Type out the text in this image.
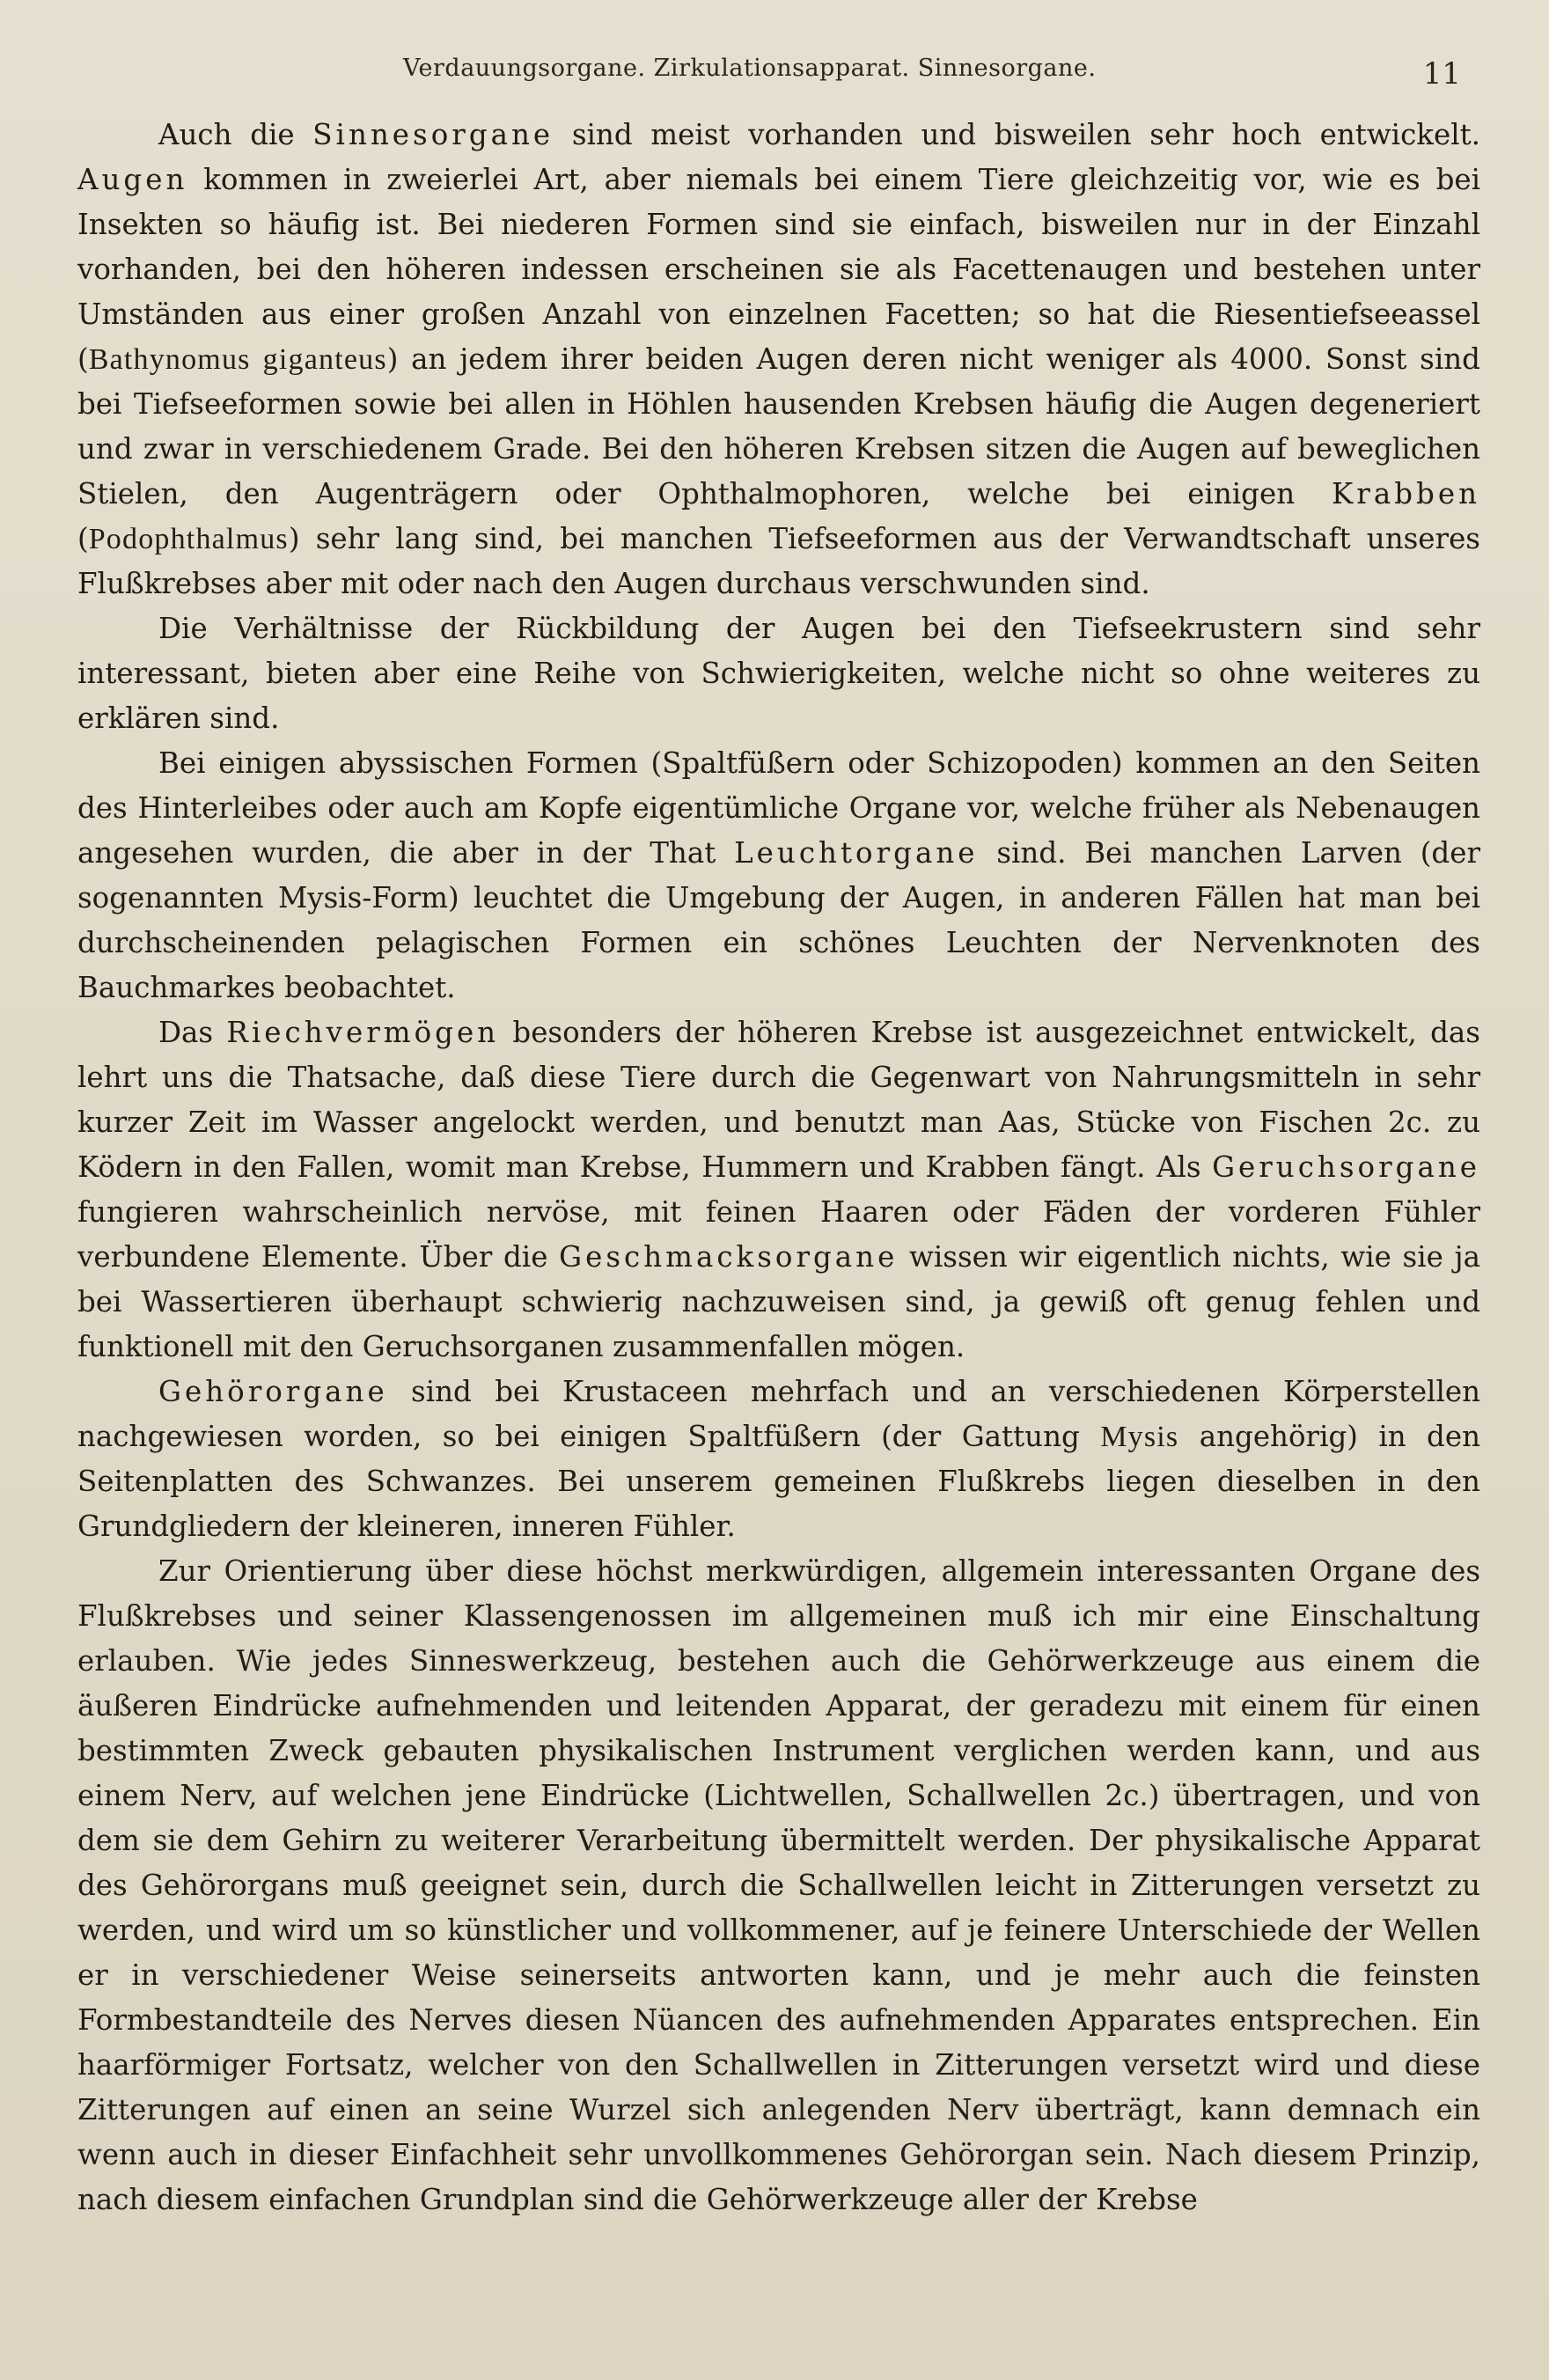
Verdauungsorgane. Zirkulationsapparat. Sinnesorgane.	11

Auch die Sinnesorgane sind meist vorhanden und bisweilen sehr hoch entwickelt. Augen kommen in zweierlei Art, aber niemals bei einem Tiere gleichzeitig vor, wie es bei Insekten so häufig ist. Bei niederen Formen sind sie einfach, bisweilen nur in der Einzahl vorhanden, bei den höheren indessen erscheinen sie als Facettenaugen und bestehen unter Umständen aus einer großen Anzahl von einzelnen Facetten; so hat die Riesentiefseeassel (Bathynomus giganteus) an jedem ihrer beiden Augen deren nicht weniger als 4000. Sonst sind bei Tiefseeformen sowie bei allen in Höhlen hausenden Krebsen häufig die Augen degeneriert und zwar in verschiedenem Grade. Bei den höheren Krebsen sitzen die Augen auf beweglichen Stielen, den Augenträgern oder Ophthalmophoren, welche bei einigen Krabben (Podophthalmus) sehr lang sind, bei manchen Tiefseeformen aus der Verwandtschaft unseres Flußkrebses aber mit oder nach den Augen durchaus verschwunden sind.

Die Verhältnisse der Rückbildung der Augen bei den Tiefseekrustern sind sehr interessant, bieten aber eine Reihe von Schwierigkeiten, welche nicht so ohne weiteres zu erklären sind.

Bei einigen abyssischen Formen (Spaltfüßern oder Schizopoden) kommen an den Seiten des Hinterleibes oder auch am Kopfe eigentümliche Organe vor, welche früher als Nebenaugen angesehen wurden, die aber in der That Leuchtorgane sind. Bei manchen Larven (der sogenannten Mysis-Form) leuchtet die Umgebung der Augen, in anderen Fällen hat man bei durchscheinenden pelagischen Formen ein schönes Leuchten der Nervenknoten des Bauchmarkes beobachtet.

Das Riechvermögen besonders der höheren Krebse ist ausgezeichnet entwickelt, das lehrt uns die Thatsache, daß diese Tiere durch die Gegenwart von Nahrungsmitteln in sehr kurzer Zeit im Wasser angelockt werden, und benutzt man Aas, Stücke von Fischen 2c. zu Ködern in den Fallen, womit man Krebse, Hummern und Krabben fängt. Als Geruchsorgane fungieren wahrscheinlich nervöse, mit feinen Haaren oder Fäden der vorderen Fühler verbundene Elemente. Über die Geschmacksorgane wissen wir eigentlich nichts, wie sie ja bei Wassertieren überhaupt schwierig nachzuweisen sind, ja gewiß oft genug fehlen und funktionell mit den Geruchsorganen zusammenfallen mögen.

Gehörorgane sind bei Krustaceen mehrfach und an verschiedenen Körperstellen nachgewiesen worden, so bei einigen Spaltfüßern (der Gattung Mysis angehörig) in den Seitenplatten des Schwanzes. Bei unserem gemeinen Flußkrebs liegen dieselben in den Grundgliedern der kleineren, inneren Fühler.

Zur Orientierung über diese höchst merkwürdigen, allgemein interessanten Organe des Flußkrebses und seiner Klassengenossen im allgemeinen muß ich mir eine Einschaltung erlauben. Wie jedes Sinneswerkzeug, bestehen auch die Gehörwerkzeuge aus einem die äußeren Eindrücke aufnehmenden und leitenden Apparat, der geradezu mit einem für einen bestimmten Zweck gebauten physikalischen Instrument verglichen werden kann, und aus einem Nerv, auf welchen jene Eindrücke (Lichtwellen, Schallwellen 2c.) übertragen, und von dem sie dem Gehirn zu weiterer Verarbeitung übermittelt werden. Der physikalische Apparat des Gehörorgans muß geeignet sein, durch die Schallwellen leicht in Zitterungen versetzt zu werden, und wird um so künstlicher und vollkommener, auf je feinere Unterschiede der Wellen er in verschiedener Weise seinerseits antworten kann, und je mehr auch die feinsten Formbestandteile des Nerves diesen Nüancen des aufnehmenden Apparates entsprechen. Ein haarförmiger Fortsatz, welcher von den Schallwellen in Zitterungen versetzt wird und diese Zitterungen auf einen an seine Wurzel sich anlegenden Nerv überträgt, kann demnach ein wenn auch in dieser Einfachheit sehr unvollkommenes Gehörorgan sein. Nach diesem Prinzip, nach diesem einfachen Grundplan sind die Gehörwerkzeuge aller der Krebse
